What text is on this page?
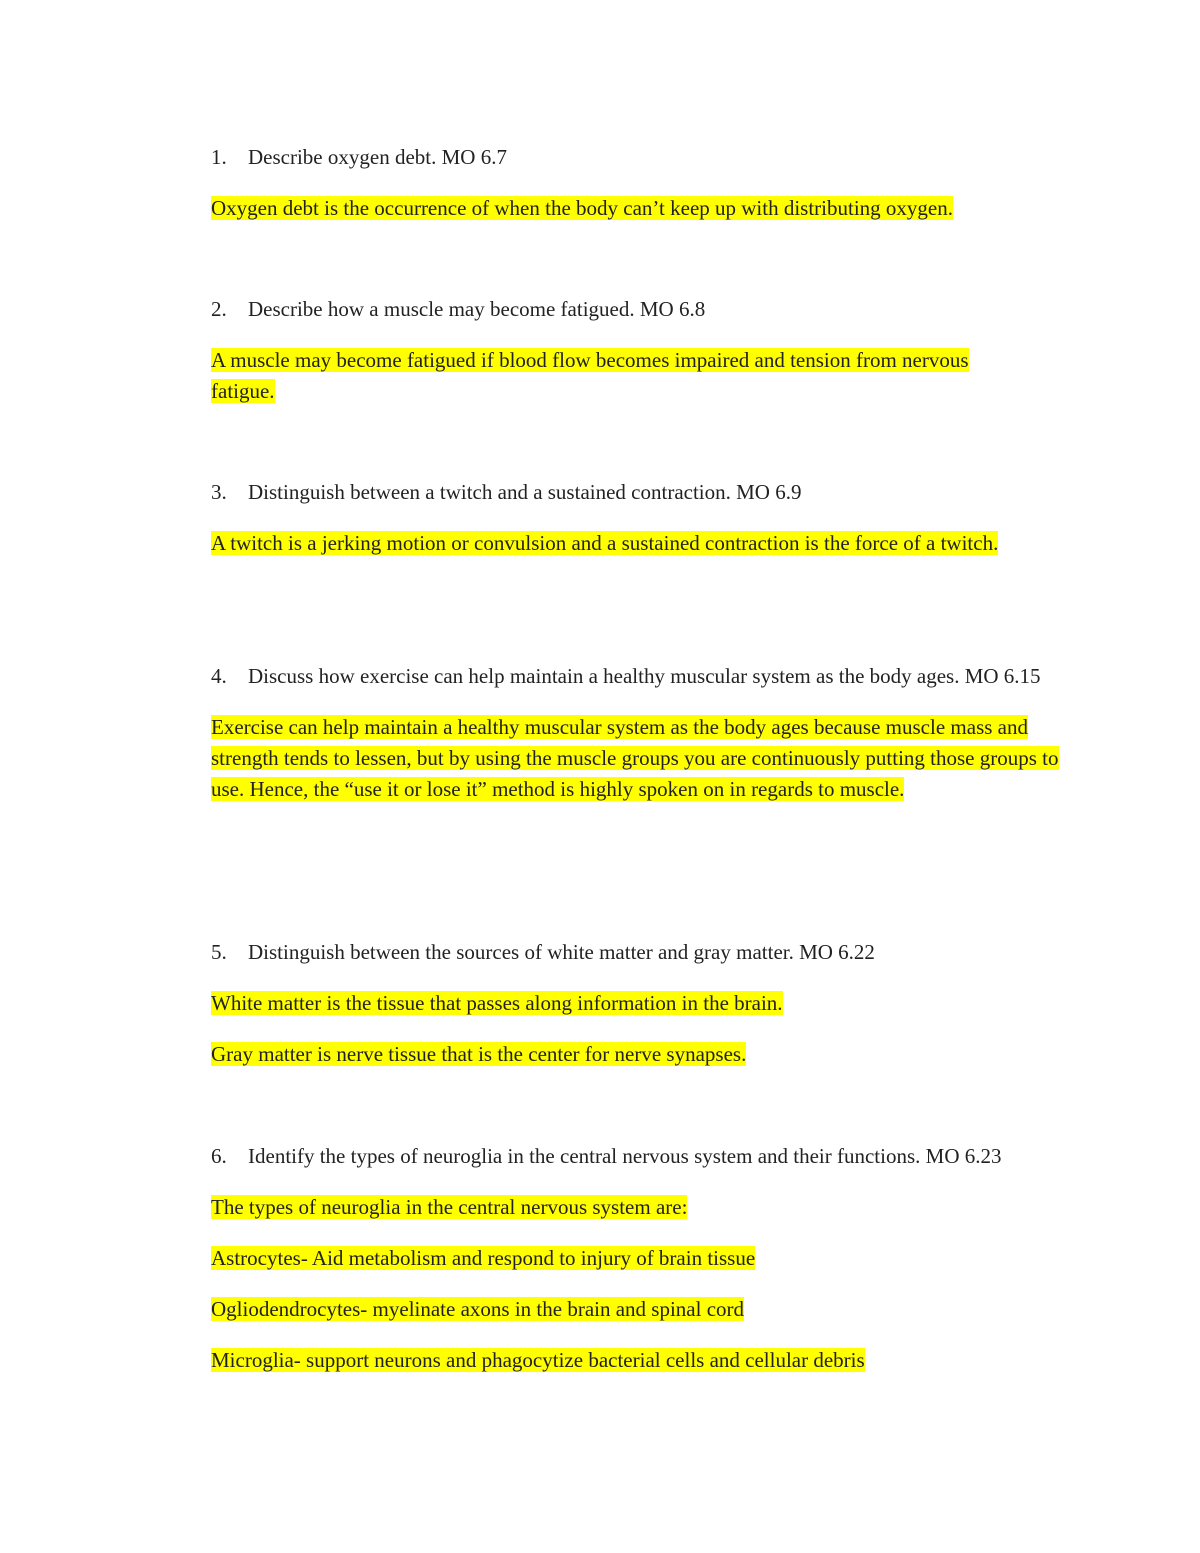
1. Describe oxygen debt. MO 6.7
Oxygen debt is the occurrence of when the body can’t keep up with distributing oxygen.
2. Describe how a muscle may become fatigued. MO 6.8
A muscle may become fatigued if blood flow becomes impaired and tension from nervous fatigue.
3. Distinguish between a twitch and a sustained contraction. MO 6.9
A twitch is a jerking motion or convulsion and a sustained contraction is the force of a twitch.
4. Discuss how exercise can help maintain a healthy muscular system as the body ages. MO 6.15
Exercise can help maintain a healthy muscular system as the body ages because muscle mass and strength tends to lessen, but by using the muscle groups you are continuously putting those groups to use. Hence, the “use it or lose it” method is highly spoken on in regards to muscle.
5. Distinguish between the sources of white matter and gray matter. MO 6.22
White matter is the tissue that passes along information in the brain.
Gray matter is nerve tissue that is the center for nerve synapses.
6. Identify the types of neuroglia in the central nervous system and their functions. MO 6.23
The types of neuroglia in the central nervous system are:
Astrocytes- Aid metabolism and respond to injury of brain tissue
Ogliodendrocytes- myelinate axons in the brain and spinal cord
Microglia- support neurons and phagocytize bacterial cells and cellular debris
